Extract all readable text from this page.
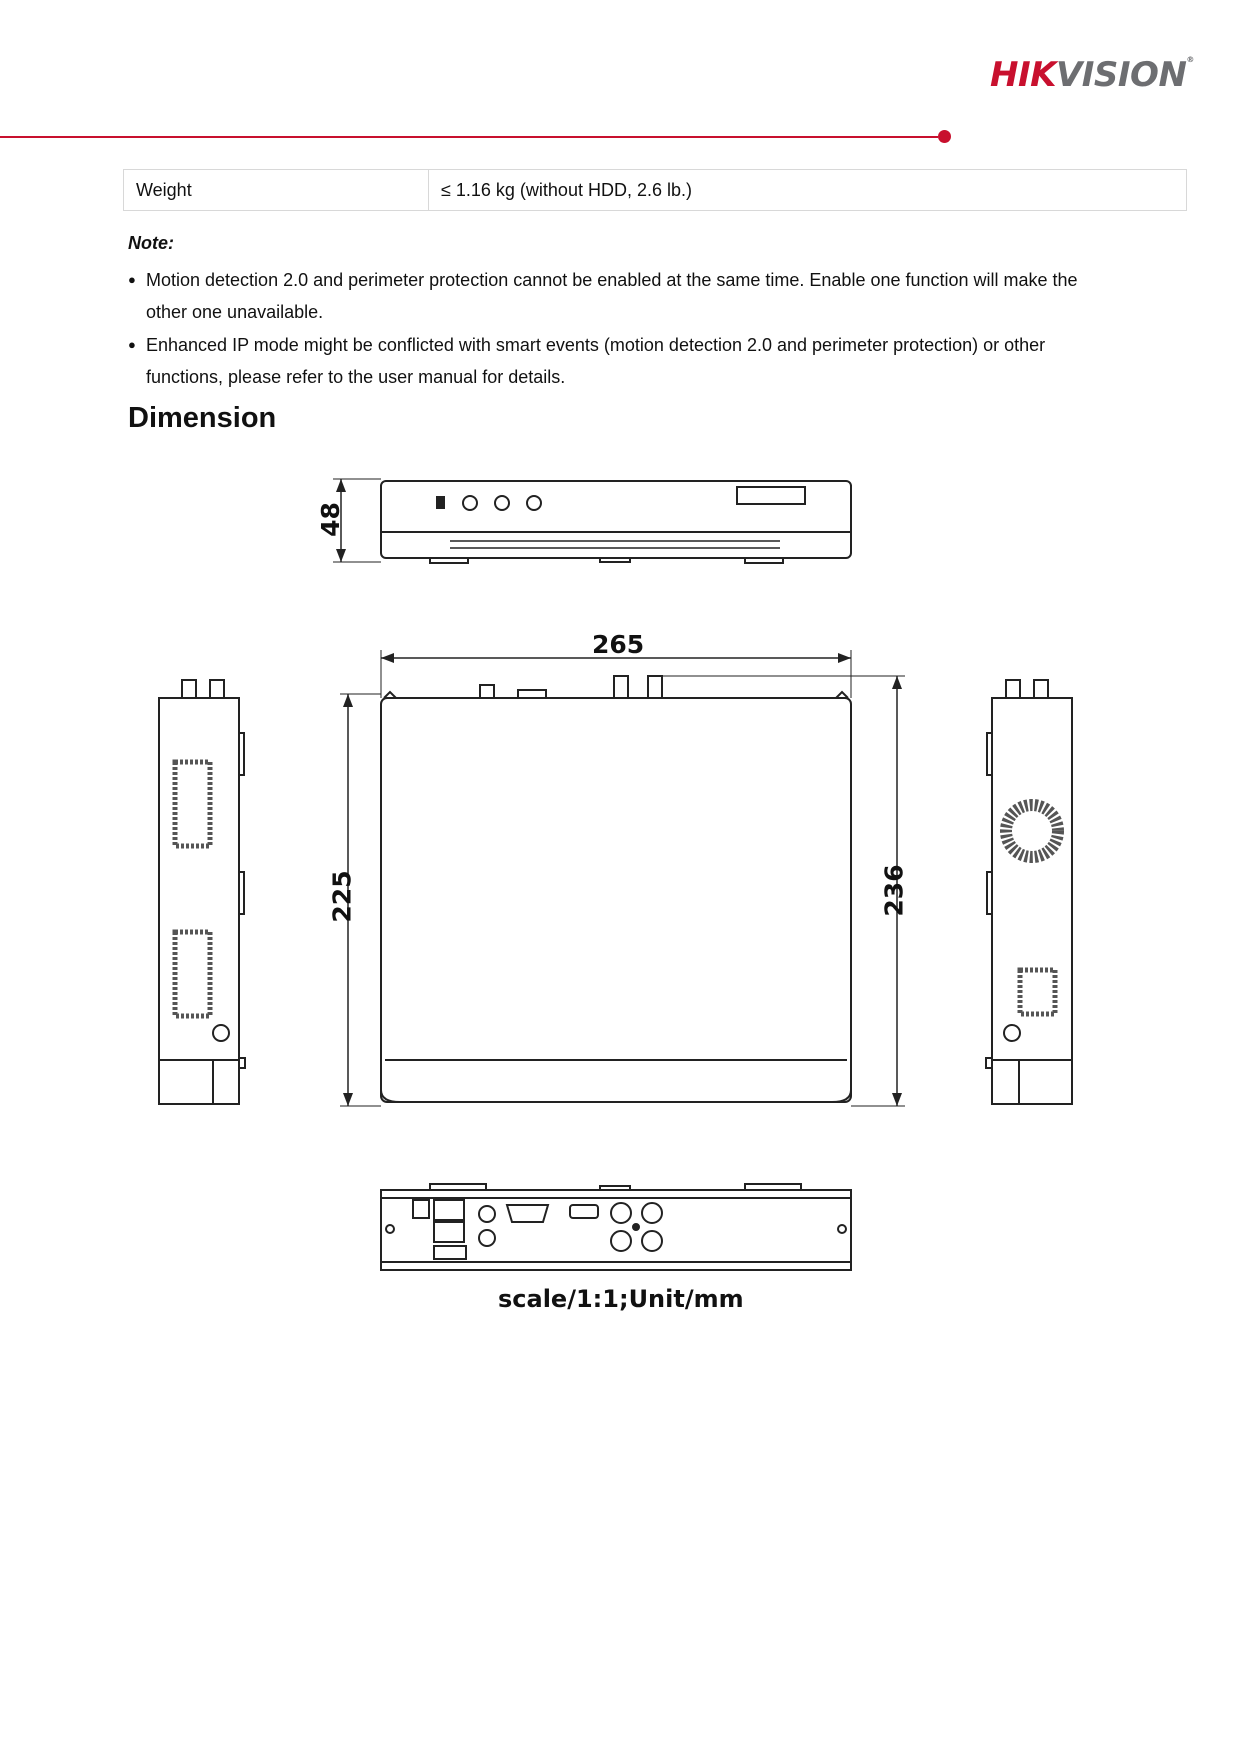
HIKVISION®
Weight	≤ 1.16 kg (without HDD, 2.6 lb.)
Note:
● Motion detection 2.0 and perimeter protection cannot be enabled at the same time. Enable one function will make the other one unavailable.
● Enhanced IP mode might be conflicted with smart events (motion detection 2.0 and perimeter protection) or other functions, please refer to the user manual for details.
Dimension
48
265
225	236
scale/1:1;Unit/mm
